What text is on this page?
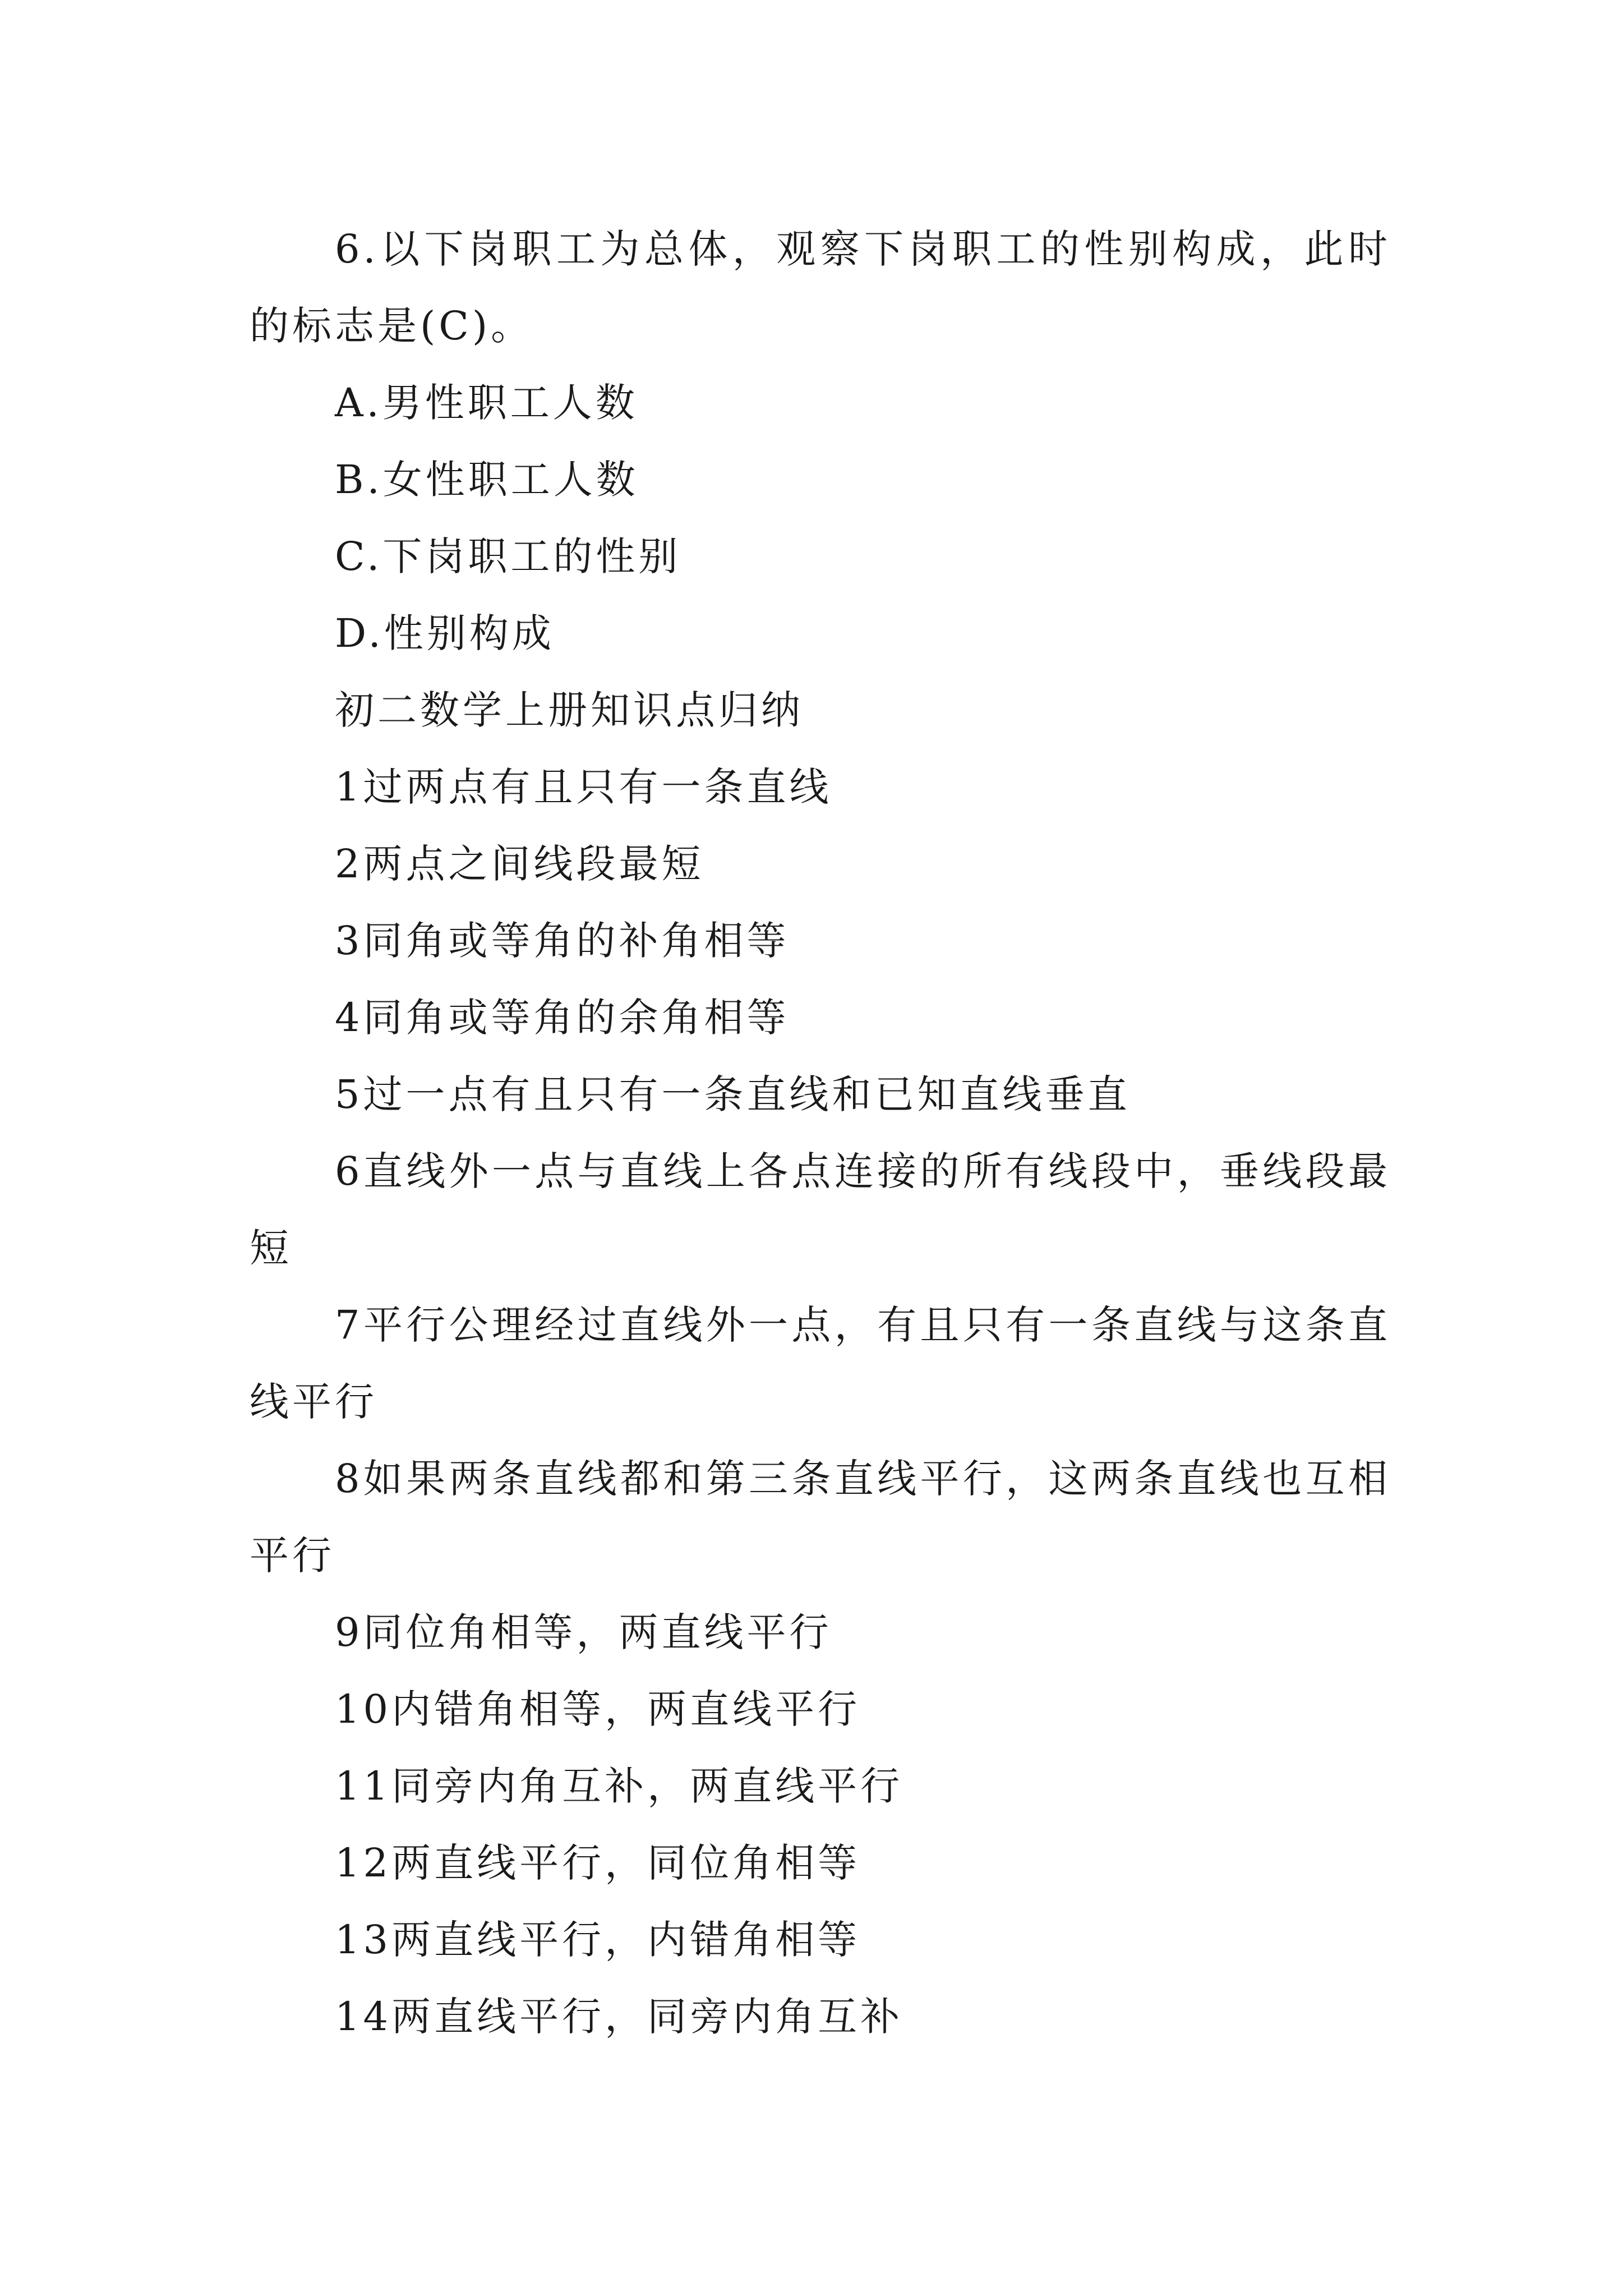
6.以下岗职工为总体，观察下岗职工的性别构成，此时的标志是(C)。

A.男性职工人数

B.女性职工人数

C.下岗职工的性别

D.性别构成

初二数学上册知识点归纳

1过两点有且只有一条直线

2两点之间线段最短

3同角或等角的补角相等

4同角或等角的余角相等

5过一点有且只有一条直线和已知直线垂直

6直线外一点与直线上各点连接的所有线段中，垂线段最短

7平行公理经过直线外一点，有且只有一条直线与这条直线平行

8如果两条直线都和第三条直线平行，这两条直线也互相平行

9同位角相等，两直线平行

10内错角相等，两直线平行

11同旁内角互补，两直线平行

12两直线平行，同位角相等

13两直线平行，内错角相等

14两直线平行，同旁内角互补
